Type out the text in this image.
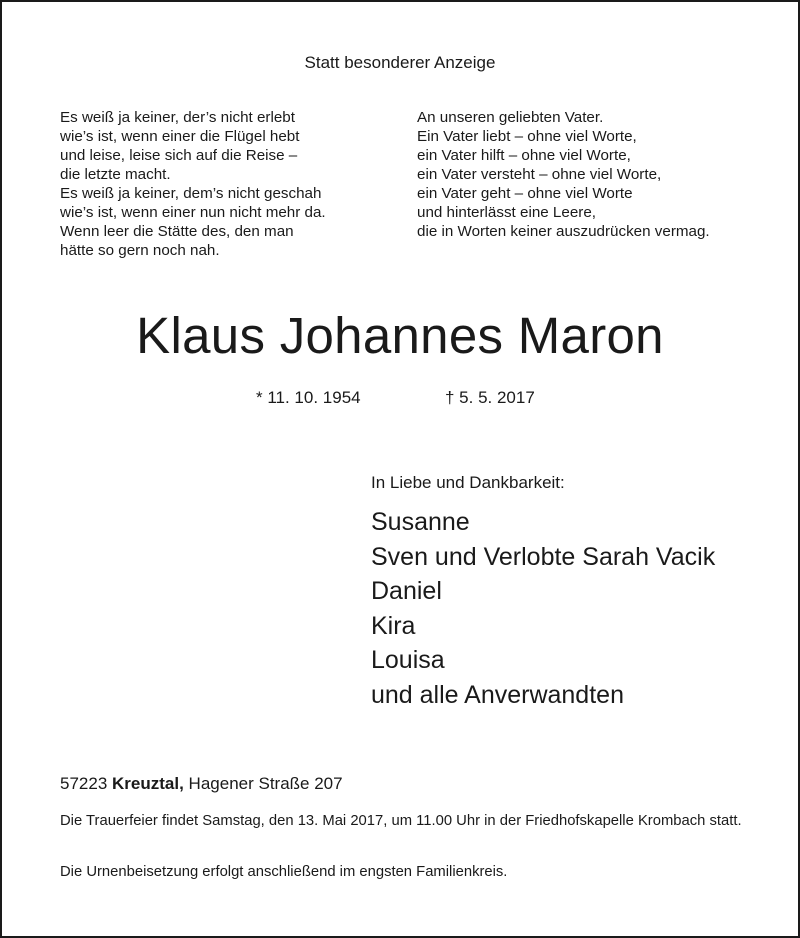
Statt besonderer Anzeige
Es weiß ja keiner, der’s nicht erlebt
wie’s ist, wenn einer die Flügel hebt
und leise, leise sich auf die Reise –
die letzte macht.
Es weiß ja keiner, dem’s nicht geschah
wie’s ist, wenn einer nun nicht mehr da.
Wenn leer die Stätte des, den man
hätte so gern noch nah.
An unseren geliebten Vater.
Ein Vater liebt – ohne viel Worte,
ein Vater hilft – ohne viel Worte,
ein Vater versteht – ohne viel Worte,
ein Vater geht – ohne viel Worte
und hinterlässt eine Leere,
die in Worten keiner auszudrücken vermag.
Klaus Johannes Maron
* 11. 10. 1954	† 5. 5. 2017
In Liebe und Dankbarkeit:
Susanne
Sven und Verlobte Sarah Vacik
Daniel
Kira
Louisa
und alle Anverwandten
57223 Kreuztal, Hagener Straße 207

Die Trauerfeier findet Samstag, den 13. Mai 2017, um 11.00 Uhr in der Friedhofskapelle Krombach statt.

Die Urnenbeisetzung erfolgt anschließend im engsten Familienkreis.
